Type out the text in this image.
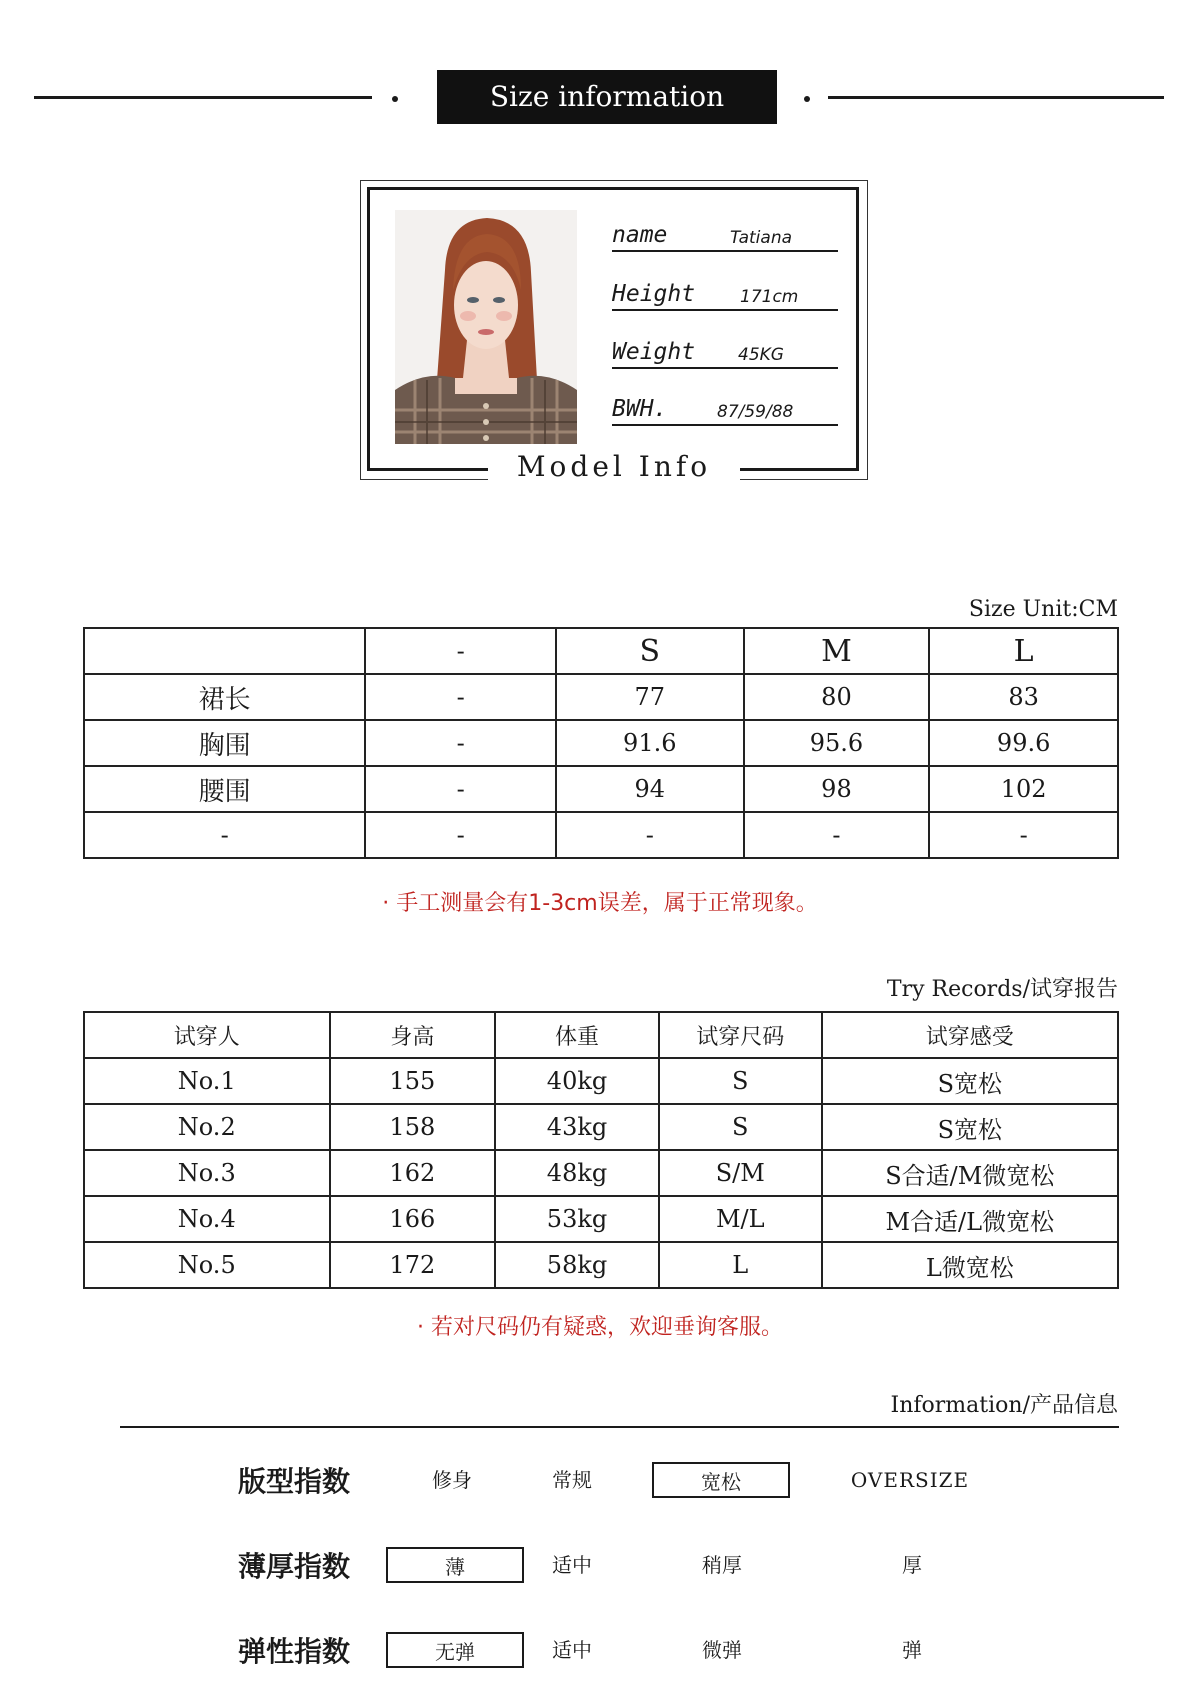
Size information
name	Tatiana
Height	171cm
Weight	45KG
BWH.	87/59/88
Model Info
Size Unit:CM
	-	S	M	L
裙长	-	77	80	83
胸围	-	91.6	95.6	99.6
腰围	-	94	98	102
-	-	-	-	-
· 手工测量会有1-3cm误差，属于正常现象。
Try Records/试穿报告
试穿人	身高	体重	试穿尺码	试穿感受
No.1	155	40kg	S	S宽松
No.2	158	43kg	S	S宽松
No.3	162	48kg	S/M	S合适/M微宽松
No.4	166	53kg	M/L	M合适/L微宽松
No.5	172	58kg	L	L微宽松
· 若对尺码仍有疑惑，欢迎垂询客服。
Information/产品信息
版型指数	修身	常规	宽松	OVERSIZE
薄厚指数	薄	适中	稍厚	厚
弹性指数	无弹	适中	微弹	弹
